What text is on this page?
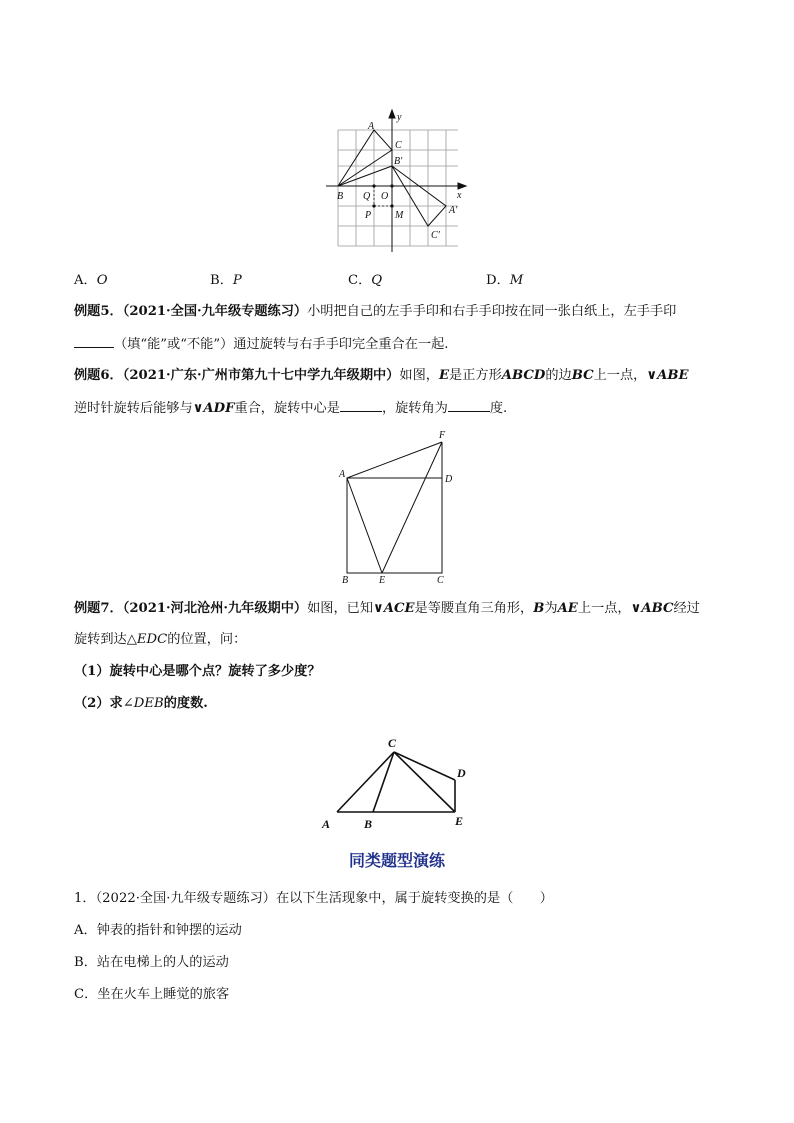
y
x
A
C
B′
B Q O
P M	A′
C′
A．O	B．P	C．Q	D．M
例题5．（2021·全国·九年级专题练习）小明把自己的左手手印和右手手印按在同一张白纸上，左手手印
（填“能”或“不能”）通过旋转与右手手印完全重合在一起.
例题6．（2021·广东·广州市第九十七中学九年级期中）如图，E是正方形ABCD的边BC上一点，∨ABE
逆时针旋转后能够与∨ADF重合，旋转中心是	，旋转角为	度.
A
F
D
B	E	C
例题7．（2021·河北沧州·九年级期中）如图，已知∨ACE是等腰直角三角形，B为AE上一点，∨ABC经过
旋转到达△EDC的位置，问：
（1）旋转中心是哪个点？旋转了多少度？
（2）求∠DEB的度数.
C
D
A	B	E
同类题型演练
1．（2022·全国·九年级专题练习）在以下生活现象中，属于旋转变换的是（　　）
A．钟表的指针和钟摆的运动
B．站在电梯上的人的运动
C．坐在火车上睡觉的旅客
